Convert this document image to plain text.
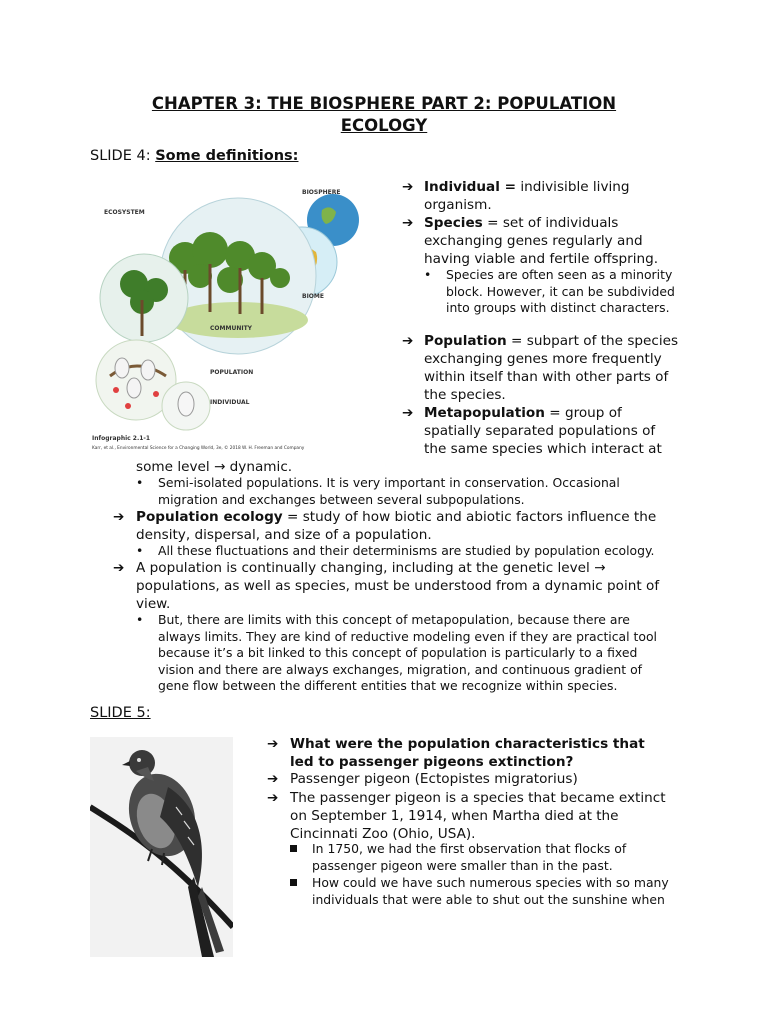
CHAPTER 3: THE BIOSPHERE PART 2: POPULATION ECOLOGY
SLIDE 4: Some definitions:
BIOSPHERE
ECOSYSTEM
BIOME
COMMUNITY
POPULATION
INDIVIDUAL
Infographic 2.1-1
Karr, et al., Environmental Science for a Changing World, 3e, © 2018 W. H. Freeman and Company
➔ Individual = indivisible living organism.
➔ Species = set of individuals exchanging genes regularly and having viable and fertile offspring.
•	Species are often seen as a minority block. However, it can be subdivided into groups with distinct characters.
➔ Population = subpart of the species exchanging genes more frequently within itself than with other parts of the species.
➔ Metapopulation = group of spatially separated populations of the same species which interact at
some level → dynamic.
•	Semi-isolated populations. It is very important in conservation. Occasional migration and exchanges between several subpopulations.
➔ Population ecology = study of how biotic and abiotic factors influence the density, dispersal, and size of a population.
•	All these fluctuations and their determinisms are studied by population ecology.
➔ A population is continually changing, including at the genetic level → populations, as well as species, must be understood from a dynamic point of view.
•	But, there are limits with this concept of metapopulation, because there are always limits. They are kind of reductive modeling even if they are practical tool because it’s a bit linked to this concept of population is particularly to a fixed vision and there are always exchanges, migration, and continuous gradient of gene flow between the different entities that we recognize within species.
SLIDE 5:
➔ What were the population characteristics that led to passenger pigeons extinction?
➔ Passenger pigeon (Ectopistes migratorius)
➔ The passenger pigeon is a species that became extinct on September 1, 1914, when Martha died at the Cincinnati Zoo (Ohio, USA).
In 1750, we had the first observation that flocks of passenger pigeon were smaller than in the past.
How could we have such numerous species with so many individuals that were able to shut out the sunshine when
